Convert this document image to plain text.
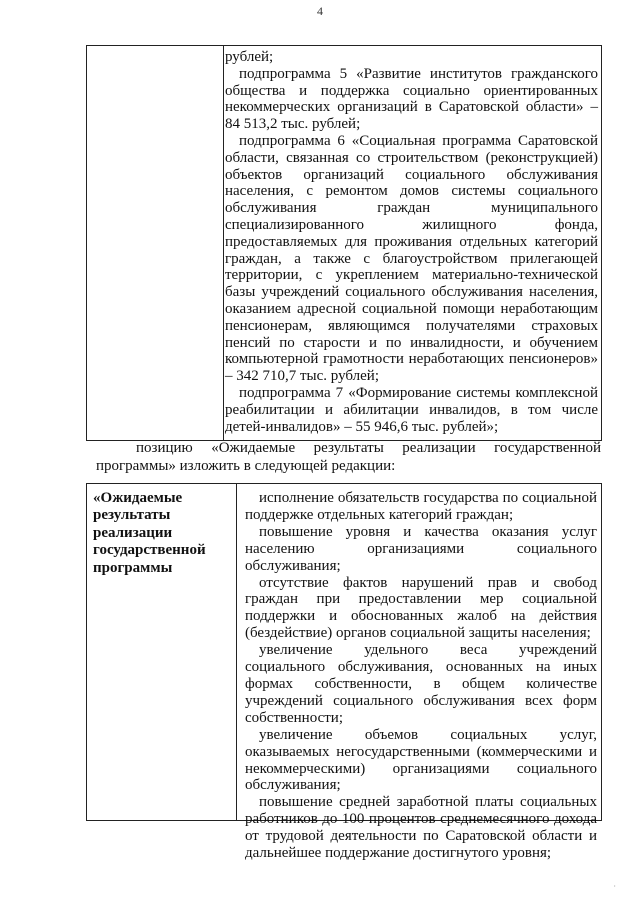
4

рублей;

подпрограмма 5 «Развитие институтов гражданского общества и поддержка социально ориентированных некоммерческих организаций в Саратовской области» – 84 513,2 тыс. рублей;

подпрограмма 6 «Социальная программа Саратовской области, связанная со строительством (реконструкцией) объектов организаций социального обслуживания населения, с ремонтом домов системы социального обслуживания граждан муниципального специализированного жилищного фонда, предоставляемых для проживания отдельных категорий граждан, а также с благоустройством прилегающей территории, с укреплением материально-технической базы учреждений социального обслуживания населения, оказанием адресной социальной помощи неработающим пенсионерам, являющимся получателями страховых пенсий по старости и по инвалидности, и обучением компьютерной грамотности неработающих пенсионеров» – 342 710,7 тыс. рублей;

подпрограмма 7 «Формирование системы комплексной реабилитации и абилитации инвалидов, в том числе детей-инвалидов» – 55 946,6 тыс. рублей»;

позицию «Ожидаемые результаты реализации государственной программы» изложить в следующей редакции:

«Ожидаемые результаты реализации государственной программы

исполнение обязательств государства по социальной поддержке отдельных категорий граждан;

повышение уровня и качества оказания услуг населению организациями социального обслуживания;

отсутствие фактов нарушений прав и свобод граждан при предоставлении мер социальной поддержки и обоснованных жалоб на действия (бездействие) органов социальной защиты населения;

увеличение удельного веса учреждений социального обслуживания, основанных на иных формах собственности, в общем количестве учреждений социального обслуживания всех форм собственности;

увеличение объемов социальных услуг, оказываемых негосударственными (коммерческими и некоммерческими) организациями социального обслуживания;

повышение средней заработной платы социальных работников до 100 процентов среднемесячного дохода от трудовой деятельности по Саратовской области и дальнейшее поддержание достигнутого уровня;

·
